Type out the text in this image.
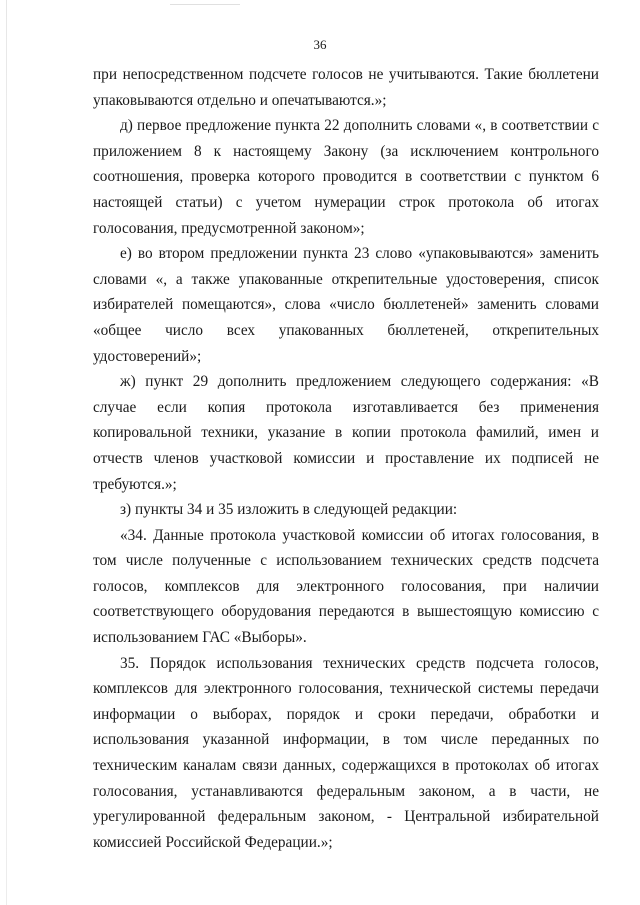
36

при непосредственном подсчете голосов не учитываются. Такие бюллетени упаковываются отдельно и опечатываются.»;

д) первое предложение пункта 22 дополнить словами «, в соответствии с приложением 8 к настоящему Закону (за исключением контрольного соотношения, проверка которого проводится в соответствии с пунктом 6 настоящей статьи) с учетом нумерации строк протокола об итогах голосования, предусмотренной законом»;

е) во втором предложении пункта 23 слово «упаковываются» заменить словами «, а также упакованные открепительные удостоверения, список избирателей помещаются», слова «число бюллетеней» заменить словами «общее число всех упакованных бюллетеней, открепительных удостоверений»;

ж) пункт 29 дополнить предложением следующего содержания: «В случае если копия протокола изготавливается без применения копировальной техники, указание в копии протокола фамилий, имен и отчеств членов участковой комиссии и проставление их подписей не требуются.»;

з) пункты 34 и 35 изложить в следующей редакции:

«34. Данные протокола участковой комиссии об итогах голосования, в том числе полученные с использованием технических средств подсчета голосов, комплексов для электронного голосования, при наличии соответствующего оборудования передаются в вышестоящую комиссию с использованием ГАС «Выборы».

35. Порядок использования технических средств подсчета голосов, комплексов для электронного голосования, технической системы передачи информации о выборах, порядок и сроки передачи, обработки и использования указанной информации, в том числе переданных по техническим каналам связи данных, содержащихся в протоколах об итогах голосования, устанавливаются федеральным законом, а в части, не урегулированной федеральным законом, - Центральной избирательной комиссией Российской Федерации.»;
